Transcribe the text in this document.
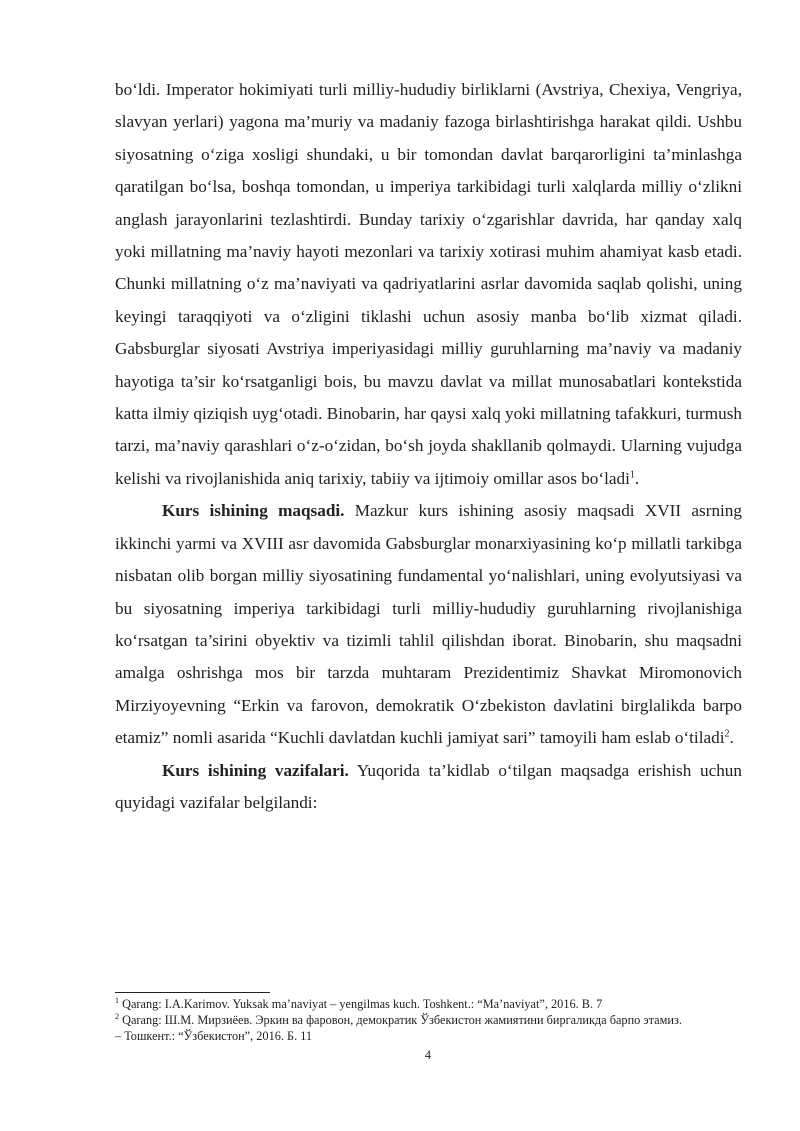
bo‘ldi. Imperator hokimiyati turli milliy-hududiy birliklarni (Avstriya, Chexiya, Vengriya, slavyan yerlari) yagona ma’muriy va madaniy fazoga birlashtirishga harakat qildi. Ushbu siyosatning o‘ziga xosligi shundaki, u bir tomondan davlat barqarorligini ta’minlashga qaratilgan bo‘lsa, boshqa tomondan, u imperiya tarkibidagi turli xalqlarda milliy o‘zlikni anglash jarayonlarini tezlashtirdi. Bunday tarixiy o‘zgarishlar davrida, har qanday xalq yoki millatning ma’naviy hayoti mezonlari va tarixiy xotirasi muhim ahamiyat kasb etadi. Chunki millatning o‘z ma’naviyati va qadriyatlarini asrlar davomida saqlab qolishi, uning keyingi taraqqiyoti va o‘zligini tiklashi uchun asosiy manba bo‘lib xizmat qiladi. Gabsburglar siyosati Avstriya imperiyasidagi milliy guruhlarning ma’naviy va madaniy hayotiga ta’sir ko‘rsatganligi bois, bu mavzu davlat va millat munosabatlari kontekstida katta ilmiy qiziqish uyg‘otadi. Binobarin, har qaysi xalq yoki millatning tafakkuri, turmush tarzi, ma’naviy qarashlari o‘z-o‘zidan, bo‘sh joyda shakllanib qolmaydi. Ularning vujudga kelishi va rivojlanishida aniq tarixiy, tabiiy va ijtimoiy omillar asos bo‘ladi$^1$.

Kurs ishining maqsadi. Mazkur kurs ishining asosiy maqsadi XVII asrning ikkinchi yarmi va XVIII asr davomida Gabsburglar monarxiyasining ko‘p millatli tarkibga nisbatan olib borgan milliy siyosatining fundamental yo‘nalishlari, uning evolyutsiyasi va bu siyosatning imperiya tarkibidagi turli milliy-hududiy guruhlarning rivojlanishiga ko‘rsatgan ta’sirini obyektiv va tizimli tahlil qilishdan iborat. Binobarin, shu maqsadni amalga oshrishga mos bir tarzda muhtaram Prezidentimiz Shavkat Miromonovich Mirziyoyevning “Erkin va farovon, demokratik O‘zbekiston davlatini birglalikda barpo etamiz” nomli asarida “Kuchli davlatdan kuchli jamiyat sari” tamoyili ham eslab o‘tiladi$^2$.

Kurs ishining vazifalari. Yuqorida ta’kidlab o‘tilgan maqsadga erishish uchun quyidagi vazifalar belgilandi:

$^1$ Qarang: I.A.Karimov. Yuksak ma’naviyat – yengilmas kuch. Toshkent.: “Ma’naviyat”, 2016. B. 7
$^2$ Qarang: Ш.М. Мирзиёев. Эркин ва фаровон, демократик Ўзбекистон жамиятини биргаликда барпо этамиз.
– Тошкент.: “Ўзбекистон”, 2016. Б. 11
4
